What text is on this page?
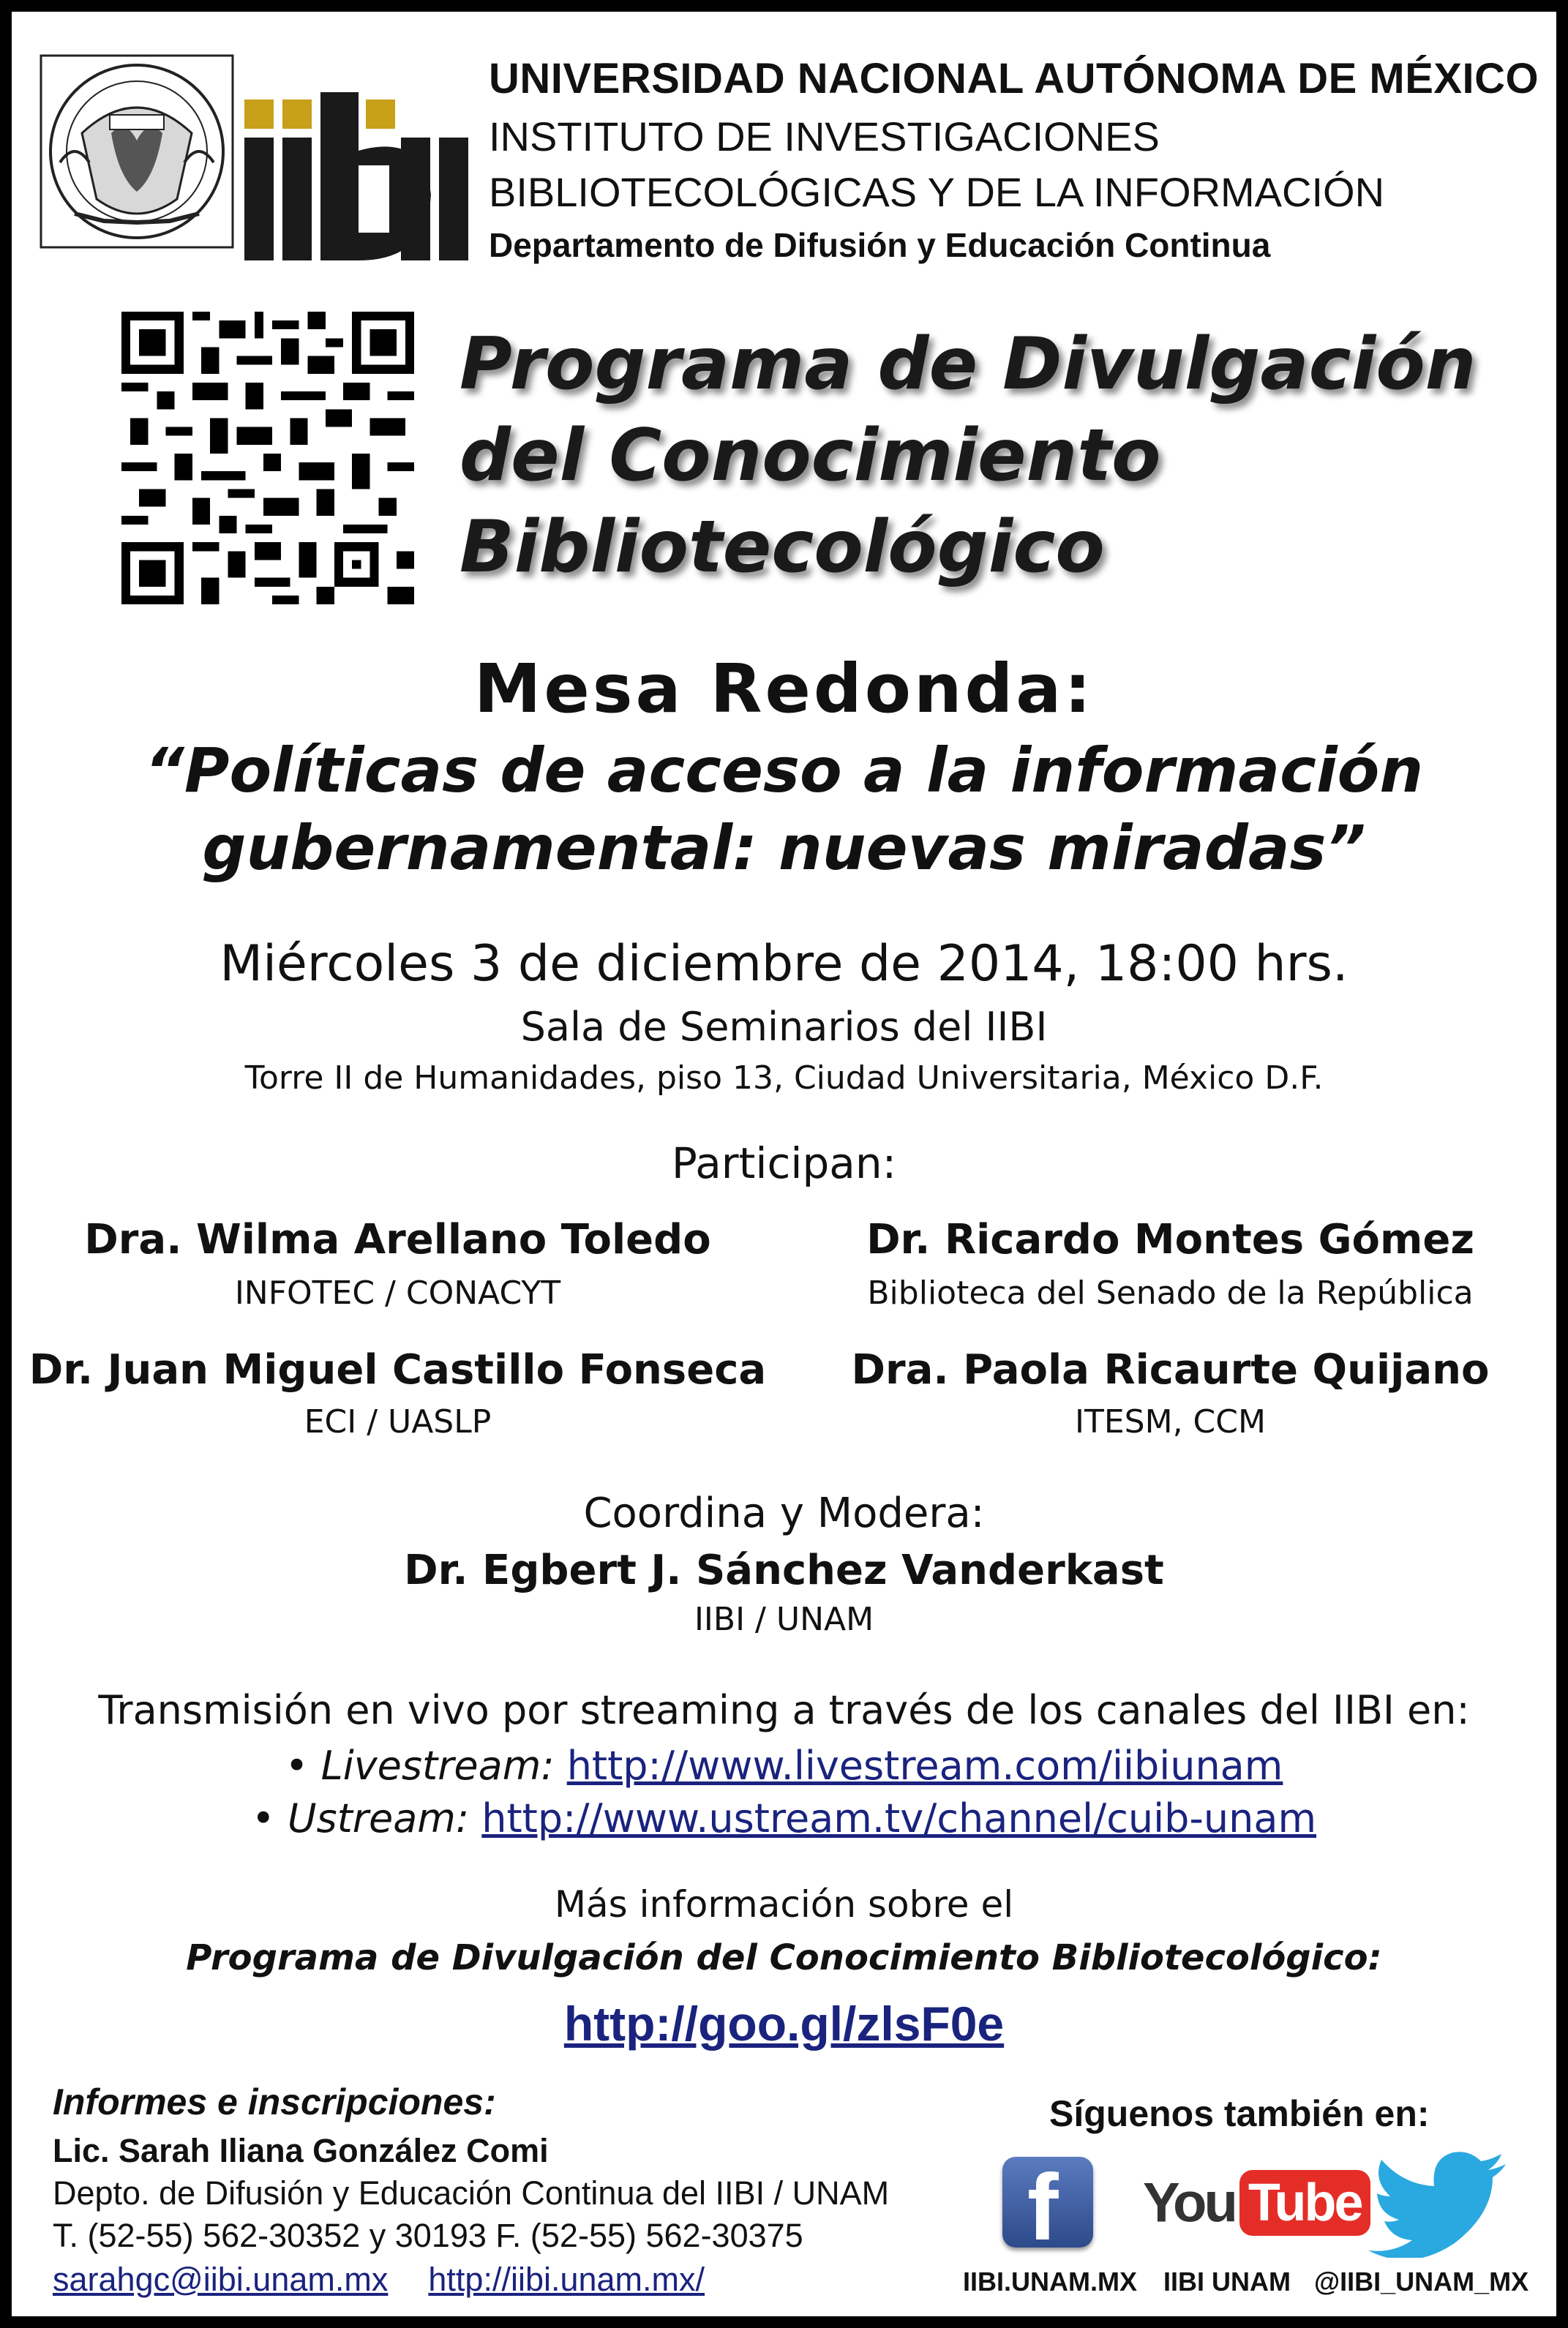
UNIVERSIDAD NACIONAL AUTÓNOMA DE MÉXICO
INSTITUTO DE INVESTIGACIONES
BIBLIOTECOLÓGICAS Y DE LA INFORMACIÓN
Departamento de Difusión y Educación Continua
Programa de Divulgación
del Conocimiento
Bibliotecológico
Mesa Redonda:
“Políticas de acceso a la información
gubernamental: nuevas miradas”
Miércoles 3 de diciembre de 2014, 18:00 hrs.
Sala de Seminarios del IIBI
Torre II de Humanidades, piso 13, Ciudad Universitaria, México D.F.
Participan:
Dra. Wilma Arellano Toledo
INFOTEC / CONACYT
Dr. Ricardo Montes Gómez
Biblioteca del Senado de la República
Dr. Juan Miguel Castillo Fonseca
ECI / UASLP
Dra. Paola Ricaurte Quijano
ITESM, CCM
Coordina y Modera:
Dr. Egbert J. Sánchez Vanderkast
IIBI / UNAM
Transmisión en vivo por streaming a través de los canales del IIBI en:
• Livestream: http://www.livestream.com/iibiunam
• Ustream: http://www.ustream.tv/channel/cuib-unam
Más información sobre el
Programa de Divulgación del Conocimiento Bibliotecológico:
http://goo.gl/zlsF0e
Informes e inscripciones:
Lic. Sarah Iliana González Comi
Depto. de Difusión y Educación Continua del IIBI / UNAM
T. (52-55) 562-30352 y 30193 F. (52-55) 562-30375
sarahgc@iibi.unam.mx http://iibi.unam.mx/
Síguenos también en:
f You Tube
IIBI.UNAM.MX IIBI UNAM @IIBI_UNAM_MX
